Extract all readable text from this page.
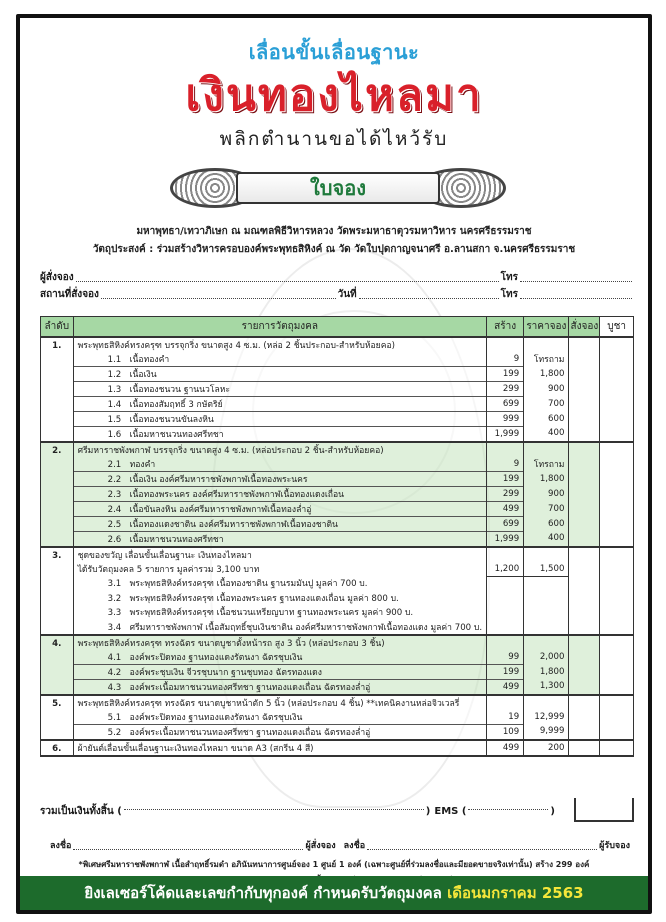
เลื่อนขั้นเลื่อนฐานะ
เงินทองไหลมา
พลิกตำนานขอได้ไหว้รับ
ใบจอง
มหาพุทธา/เทวาภิเษก ณ มณฑลพิธีวิหารหลวง วัดพระมหาธาตุวรมหาวิหาร นครศรีธรรมราช
วัตถุประสงค์ : ร่วมสร้างวิหารครอบองค์พระพุทธสิหิงค์ ณ วัด วัดใบปุดกาญจนาศรี อ.ลานสกา จ.นครศรีธรรมราช
ผู้สั่งจอง	โทร
สถานที่สั่งจอง	วันที่	โทร
ลำดับ	รายการวัตถุมงคล	สร้าง	ราคาจอง	สั่งจอง	บูชา
1.	พระพุทธสิหิงค์ทรงครุฑ บรรจุกริ่ง ขนาดสูง 4 ซ.ม. (หล่อ 2 ชิ้นประกอบ-สำหรับห้อยคอ)				
	1.1 เนื้อทองคำ	9	โทรถาม		
	1.2 เนื้อเงิน	199	1,800		
	1.3 เนื้อทองชนวน ฐานนวโลหะ	299	900		
	1.4 เนื้อทองสัมฤทธิ์ 3 กษัตริย์	699	700		
	1.5 เนื้อทองชนวนขันลงหิน	999	600		
	1.6 เนื้อมหาชนวนทองศรีทชา	1,999	400		
2.	ศรีมหาราชพังพกาฬ บรรจุกริ่ง ขนาดสูง 4 ซ.ม. (หล่อประกอบ 2 ชิ้น-สำหรับห้อยคอ)				
	2.1 ทองคำ	9	โทรถาม		
	2.2 เนื้อเงิน องค์ศรีมหาราชพังพกาฬเนื้อทองพระนคร	199	1,800		
	2.3 เนื้อทองพระนคร องค์ศรีมหาราชพังพกาฬเนื้อทองแดงเถื่อน	299	900		
	2.4 เนื้อขันลงหิน องค์ศรีมหาราชพังพกาฬเนื้อทองล่ำอู่	499	700		
	2.5 เนื้อทองแดงชาติน องค์ศรีมหาราชพังพกาฬเนื้อทองชาติน	699	600		
	2.6 เนื้อมหาชนวนทองศรีทชา	1,999	400		
3.	ชุดของขวัญ เลื่อนขั้นเลื่อนฐานะ เงินทองไหลมา				
	ได้รับวัตถุมงคล 5 รายการ มูลค่ารวม 3,100 บาท	1,200	1,500		
	3.1 พระพุทธสิหิงค์ทรงครุฑ เนื้อทองชาติน ฐานรมมันปู มูลค่า 700 บ.				
	3.2 พระพุทธสิหิงค์ทรงครุฑ เนื้อทองพระนคร ฐานทองแดงเถื่อน มูลค่า 800 บ.				
	3.3 พระพุทธสิหิงค์ทรงครุฑ เนื้อชนวนเหรียญบาท ฐานทองพระนคร มูลค่า 900 บ.				
	3.4 ศรีมหาราชพังพกาฬ เนื้อสัมฤทธิ์ชุบเงินชาติน องค์ศรีมหาราชพังพกาฬเนื้อทองแดง มูลค่า 700 บ.				
4.	พระพุทธสิหิงค์ทรงครุฑ ทรงฉัตร ขนาดบูชาตั้งหน้ารถ สูง 3 นิ้ว (หล่อประกอบ 3 ชิ้น)				
	4.1 องค์พระปิดทอง ฐานทองแดงรัตนงา ฉัตรชุบเงิน	99	2,000		
	4.2 องค์พระชุบเงิน จีวรชุบนาก ฐานชุบทอง ฉัตรทองแดง	199	1,800		
	4.3 องค์พระเนื้อมหาชนวนทองศรีทชา ฐานทองแดงเถื่อน ฉัตรทองล่ำอู่	499	1,300		
5.	พระพุทธสิหิงค์ทรงครุฑ ทรงฉัตร ขนาดบูชาหน้าตัก 5 นิ้ว (หล่อประกอบ 4 ชิ้น) **เทคนิคงานหล่อจิวเวลรี่				
	5.1 องค์พระปิดทอง ฐานทองแดงรัตนงา ฉัตรชุบเงิน	19	12,999		
	5.2 องค์พระเนื้อมหาชนวนทองศรีทชา ฐานทองแดงเถื่อน ฉัตรทองล่ำอู่	109	9,999		
6.	ผ้ายันต์เลื่อนขั้นเลื่อนฐานะเงินทองไหลมา ขนาด A3 (สกรีน 4 สี)	499	200		
รวมเป็นเงินทั้งสิ้น (	) EMS (	)
ลงชื่อ	ผู้สั่งจอง ลงชื่อ	ผู้รับจอง
*พิเศษศรีมหาราชพังพกาฬ เนื้อสำฤทธิ์รมดำ อภินันทนาการศูนย์จอง 1 ศูนย์ 1 องค์ (เฉพาะศูนย์ที่ร่วมลงชื่อและมียอดขายจริงเท่านั้น) สร้าง 299 องค์
ยิงเลเซอร์โค้ดและเลขกำกับทุกองค์ กำหนดรับวัตถุมงคล เดือนมกราคม 2563
